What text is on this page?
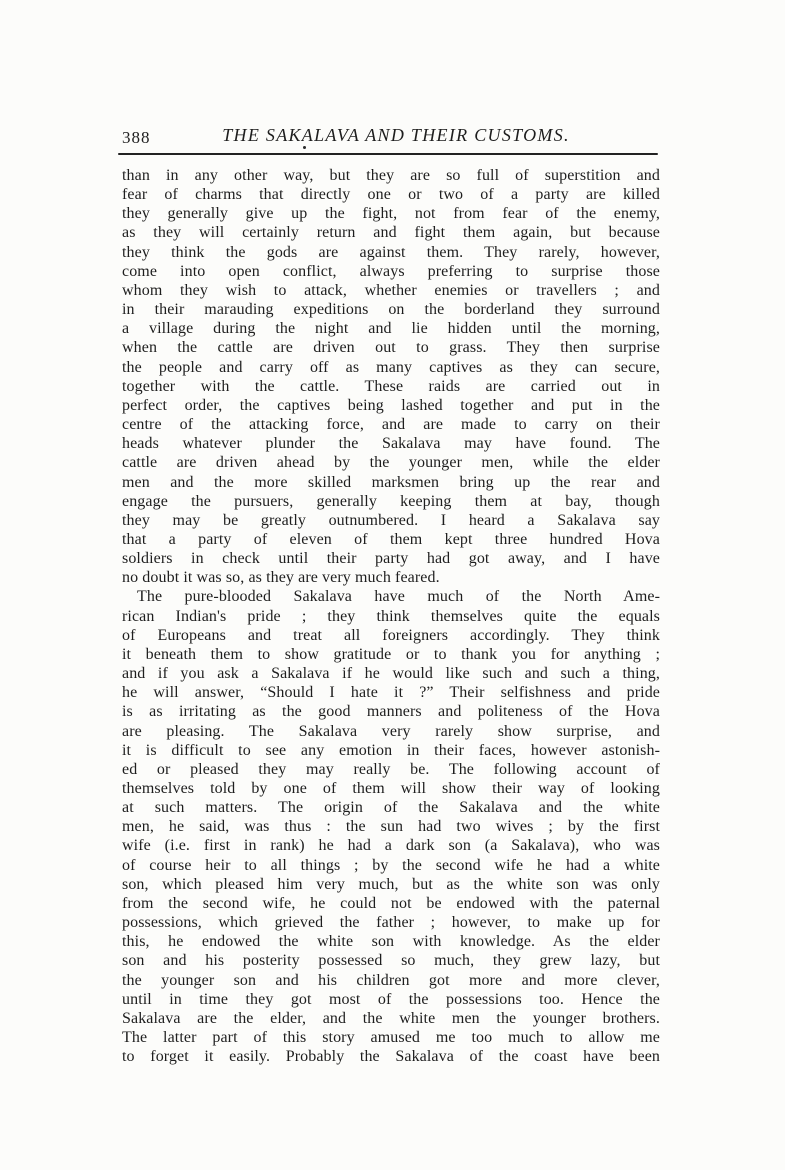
388	THE SAKALAVA AND THEIR CUSTOMS.
than in any other way, but they are so full of superstition and
fear of charms that directly one or two of a party are killed
they generally give up the fight, not from fear of the enemy,
as they will certainly return and fight them again, but because
they think the gods are against them. They rarely, however,
come into open conflict, always preferring to surprise those
whom they wish to attack, whether enemies or travellers ; and
in their marauding expeditions on the borderland they surround
a village during the night and lie hidden until the morning,
when the cattle are driven out to grass. They then surprise
the people and carry off as many captives as they can secure,
together with the cattle. These raids are carried out in
perfect order, the captives being lashed together and put in the
centre of the attacking force, and are made to carry on their
heads whatever plunder the Sakalava may have found. The
cattle are driven ahead by the younger men, while the elder
men and the more skilled marksmen bring up the rear and
engage the pursuers, generally keeping them at bay, though
they may be greatly outnumbered. I heard a Sakalava say
that a party of eleven of them kept three hundred Hova
soldiers in check until their party had got away, and I have
no doubt it was so, as they are very much feared.
The pure-blooded Sakalava have much of the North Ame-
rican Indian's pride ; they think themselves quite the equals
of Europeans and treat all foreigners accordingly. They think
it beneath them to show gratitude or to thank you for anything ;
and if you ask a Sakalava if he would like such and such a thing,
he will answer, “Should I hate it ?” Their selfishness and pride
is as irritating as the good manners and politeness of the Hova
are pleasing. The Sakalava very rarely show surprise, and
it is difficult to see any emotion in their faces, however astonish-
ed or pleased they may really be. The following account of
themselves told by one of them will show their way of looking
at such matters. The origin of the Sakalava and the white
men, he said, was thus : the sun had two wives ; by the first
wife (i.e. first in rank) he had a dark son (a Sakalava), who was
of course heir to all things ; by the second wife he had a white
son, which pleased him very much, but as the white son was only
from the second wife, he could not be endowed with the paternal
possessions, which grieved the father ; however, to make up for
this, he endowed the white son with knowledge. As the elder
son and his posterity possessed so much, they grew lazy, but
the younger son and his children got more and more clever,
until in time they got most of the possessions too. Hence the
Sakalava are the elder, and the white men the younger brothers.
The latter part of this story amused me too much to allow me
to forget it easily. Probably the Sakalava of the coast have been
